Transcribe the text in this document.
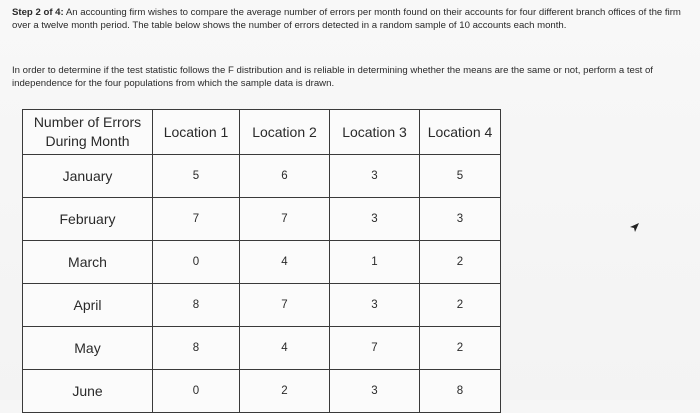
Step 2 of 4: An accounting firm wishes to compare the average number of errors per month found on their accounts for four different branch offices of the firm over a twelve month period. The table below shows the number of errors detected in a random sample of 10 accounts each month.
In order to determine if the test statistic follows the F distribution and is reliable in determining whether the means are the same or not, perform a test of independence for the four populations from which the sample data is drawn.
Number of Errors During Month	Location 1	Location 2	Location 3	Location 4
January	5	6	3	5
February	7	7	3	3
March	0	4	1	2
April	8	7	3	2
May	8	4	7	2
June	0	2	3	8
